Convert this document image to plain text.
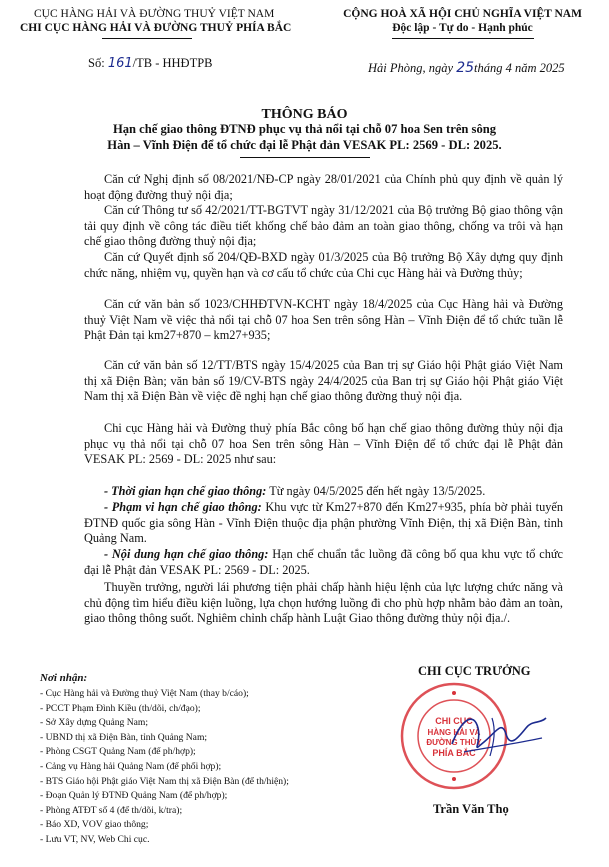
CỤC HÀNG HẢI VÀ ĐƯỜNG THUỶ VIỆT NAM
CHI CỤC HÀNG HẢI VÀ ĐƯỜNG THUỶ PHÍA BẮC
Số: 161/TB - HHĐTPB
CỘNG HOÀ XÃ HỘI CHỦ NGHĨA VIỆT NAM
Độc lập - Tự do - Hạnh phúc
Hải Phòng, ngày 25tháng 4 năm 2025
THÔNG BÁO
Hạn chế giao thông ĐTNĐ phục vụ thả nổi tại chỗ 07 hoa Sen trên sông
Hàn – Vĩnh Điện để tổ chức đại lễ Phật đản VESAK PL: 2569 - DL: 2025.
Căn cứ Nghị định số 08/2021/NĐ-CP ngày 28/01/2021 của Chính phủ quy định về quản lý hoạt động đường thuỷ nội địa;
Căn cứ Thông tư số 42/2021/TT-BGTVT ngày 31/12/2021 của Bộ trưởng Bộ giao thông vận tải quy định về công tác điều tiết khống chế bảo đảm an toàn giao thông, chống va trôi và hạn chế giao thông đường thuỷ nội địa;
Căn cứ Quyết định số 204/QĐ-BXD ngày 01/3/2025 của Bộ trưởng Bộ Xây dựng quy định chức năng, nhiệm vụ, quyền hạn và cơ cấu tổ chức của Chi cục Hàng hải và Đường thủy;
Căn cứ văn bản số 1023/CHHĐTVN-KCHT ngày 18/4/2025 của Cục Hàng hải và Đường thuỷ Việt Nam về việc thả nổi tại chỗ 07 hoa Sen trên sông Hàn – Vĩnh Điện để tổ chức tuần lễ Phật Đản tại km27+870 – km27+935;
Căn cứ văn bản số 12/TT/BTS ngày 15/4/2025 của Ban trị sự Giáo hội Phật giáo Việt Nam thị xã Điện Bàn; văn bản số 19/CV-BTS ngày 24/4/2025 của Ban trị sự Giáo hội Phật giáo Việt Nam thị xã Điện Bàn về việc đề nghị hạn chế giao thông đường thuỷ nội địa.
Chi cục Hàng hải và Đường thuỷ phía Bắc công bố hạn chế giao thông đường thủy nội địa phục vụ thả nổi tại chỗ 07 hoa Sen trên sông Hàn – Vĩnh Điện để tổ chức đại lễ Phật đản VESAK PL: 2569 - DL: 2025 như sau:
- Thời gian hạn chế giao thông: Từ ngày 04/5/2025 đến hết ngày 13/5/2025.
- Phạm vi hạn chế giao thông: Khu vực từ Km27+870 đến Km27+935, phía bờ phải tuyến ĐTNĐ quốc gia sông Hàn - Vĩnh Điện thuộc địa phận phường Vĩnh Điện, thị xã Điện Bàn, tỉnh Quảng Nam.
- Nội dung hạn chế giao thông: Hạn chế chuẩn tắc luồng đã công bố qua khu vực tổ chức đại lễ Phật đản VESAK PL: 2569 - DL: 2025.
Thuyền trưởng, người lái phương tiện phải chấp hành hiệu lệnh của lực lượng chức năng và chủ động tìm hiểu điều kiện luồng, lựa chọn hướng luồng đi cho phù hợp nhằm bảo đảm an toàn, giao thông thông suốt. Nghiêm chỉnh chấp hành Luật Giao thông đường thủy nội địa./.
Nơi nhận:
- Cục Hàng hải và Đường thuỷ Việt Nam (thay b/cáo);
- PCCT Phạm Đình Kiều (th/dõi, ch/đạo);
- Sở Xây dựng Quảng Nam;
- UBND thị xã Điện Bàn, tỉnh Quảng Nam;
- Phòng CSGT Quảng Nam (để ph/hợp);
- Cảng vụ Hàng hải Quảng Nam (để phối hợp);
- BTS Giáo hội Phật giáo Việt Nam thị xã Điện Bàn (để th/hiện);
- Đoạn Quản lý ĐTNĐ Quảng Nam (để ph/hợp);
- Phòng ATĐT số 4 (để th/dõi, k/tra);
- Báo XD, VOV giao thông;
- Lưu VT, NV, Web Chi cục.
CHI CỤC TRƯỞNG
CHI CỤC
HÀNG HẢI VÀ
ĐƯỜNG THỦY
PHÍA BẮC
Trần Văn Thọ
